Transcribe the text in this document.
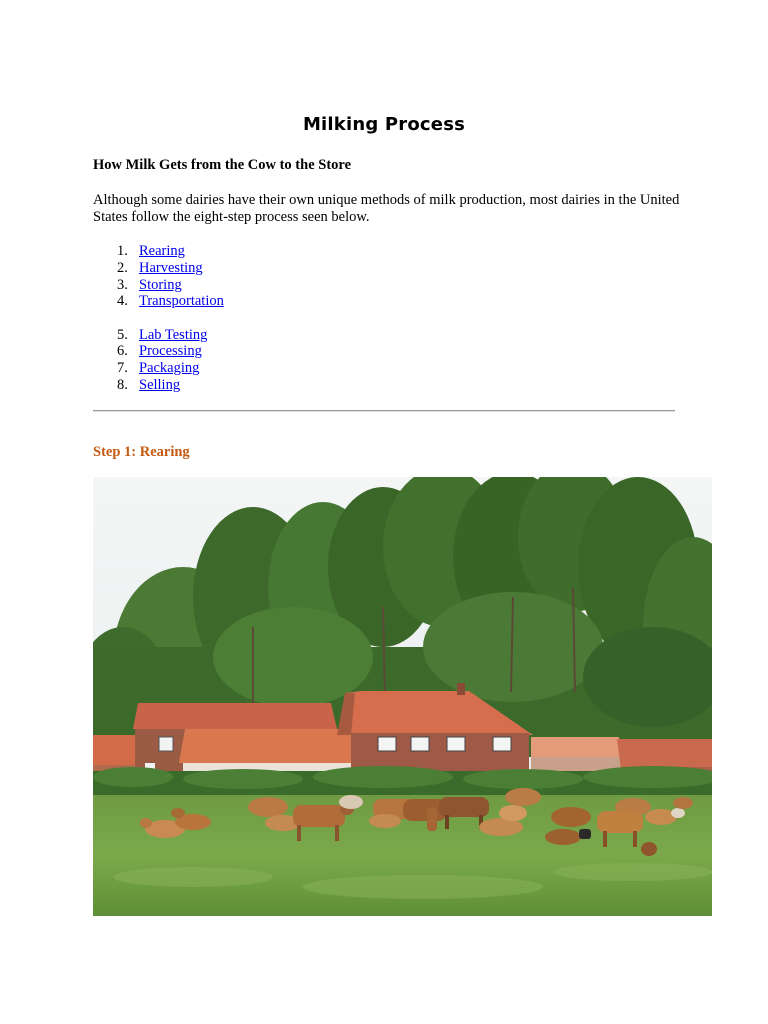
Milking Process
How Milk Gets from the Cow to the Store
Although some dairies have their own unique methods of milk production, most dairies in the United States follow the eight-step process seen below.
1. Rearing
2. Harvesting
3. Storing
4. Transportation
5. Lab Testing
6. Processing
7. Packaging
8. Selling
Step 1: Rearing
